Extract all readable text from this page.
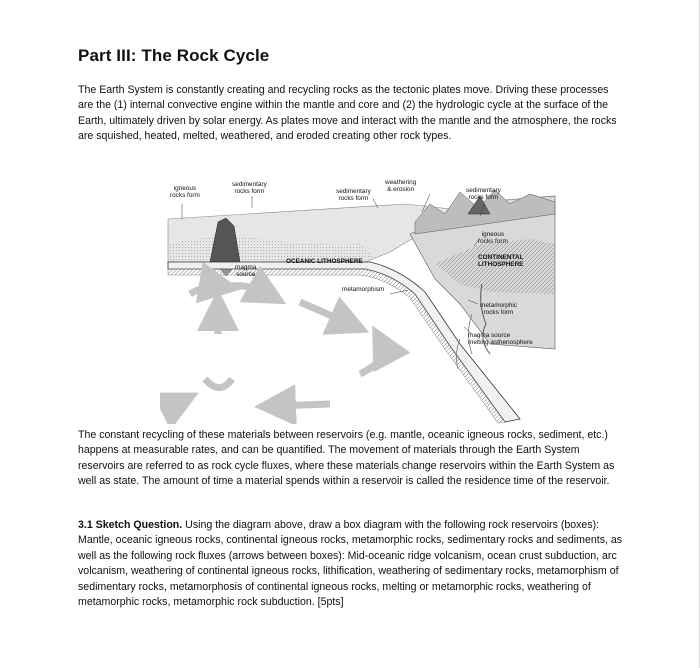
Part III: The Rock Cycle

The Earth System is constantly creating and recycling rocks as the tectonic plates move. Driving these processes are the (1) internal convective engine within the mantle and core and (2) the hydrologic cycle at the surface of the Earth, ultimately driven by solar energy. As plates move and interact with the mantle and the atmosphere, the rocks are squished, heated, melted, weathered, and eroded creating other rock types.

igneous
rocks form
sedimentary
rocks form	sedimentary
rocks form
weathering
& erosion	sedimentary
rocks form
igneous
rocks form
CONTINENTAL
LITHOSPHERE
OCEANIC LITHOSPHERE
magma
source
metamorphism
metamorphic
rocks form
magma source
melting asthenosphere

The constant recycling of these materials between reservoirs (e.g. mantle, oceanic igneous rocks, sediment, etc.) happens at measurable rates, and can be quantified. The movement of materials through the Earth System reservoirs are referred to as rock cycle fluxes, where these materials change reservoirs within the Earth System as well as state. The amount of time a material spends within a reservoir is called the residence time of the reservoir.

3.1 Sketch Question. Using the diagram above, draw a box diagram with the following rock reservoirs (boxes): Mantle, oceanic igneous rocks, continental igneous rocks, metamorphic rocks, sedimentary rocks and sediments, as well as the following rock fluxes (arrows between boxes): Mid-oceanic ridge volcanism, ocean crust subduction, arc volcanism, weathering of continental igneous rocks, lithification, weathering of sedimentary rocks, metamorphism of sedimentary rocks, metamorphosis of continental igneous rocks, melting or metamorphic rocks, weathering of metamorphic rocks, metamorphic rock subduction. [5pts]
